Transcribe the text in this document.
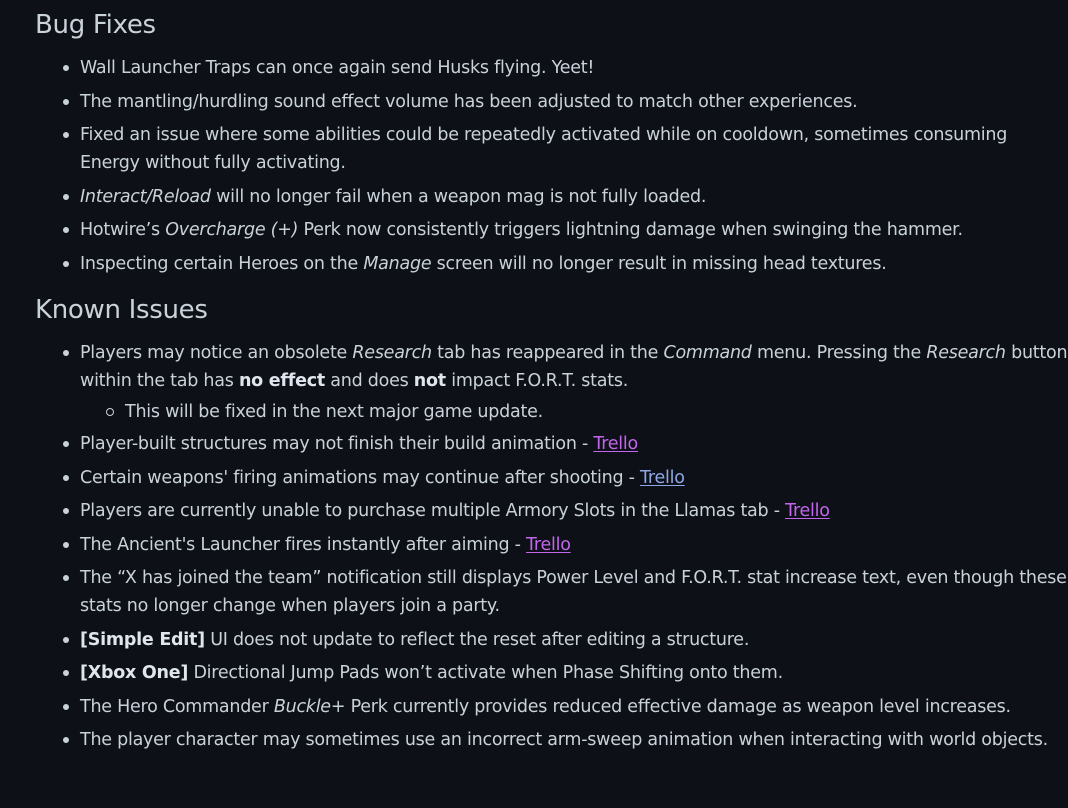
Bug Fixes
Wall Launcher Traps can once again send Husks flying. Yeet!
The mantling/hurdling sound effect volume has been adjusted to match other experiences.
Fixed an issue where some abilities could be repeatedly activated while on cooldown, sometimes consuming Energy without fully activating.
Interact/Reload will no longer fail when a weapon mag is not fully loaded.
Hotwire’s Overcharge (+) Perk now consistently triggers lightning damage when swinging the hammer.
Inspecting certain Heroes on the Manage screen will no longer result in missing head textures.
Known Issues
Players may notice an obsolete Research tab has reappeared in the Command menu. Pressing the Research button within the tab has no effect and does not impact F.O.R.T. stats.
This will be fixed in the next major game update.
Player-built structures may not finish their build animation - Trello
Certain weapons' firing animations may continue after shooting - Trello
Players are currently unable to purchase multiple Armory Slots in the Llamas tab - Trello
The Ancient's Launcher fires instantly after aiming - Trello
The “X has joined the team” notification still displays Power Level and F.O.R.T. stat increase text, even though these stats no longer change when players join a party.
[Simple Edit] UI does not update to reflect the reset after editing a structure.
[Xbox One] Directional Jump Pads won’t activate when Phase Shifting onto them.
The Hero Commander Buckle+ Perk currently provides reduced effective damage as weapon level increases.
The player character may sometimes use an incorrect arm-sweep animation when interacting with world objects.
